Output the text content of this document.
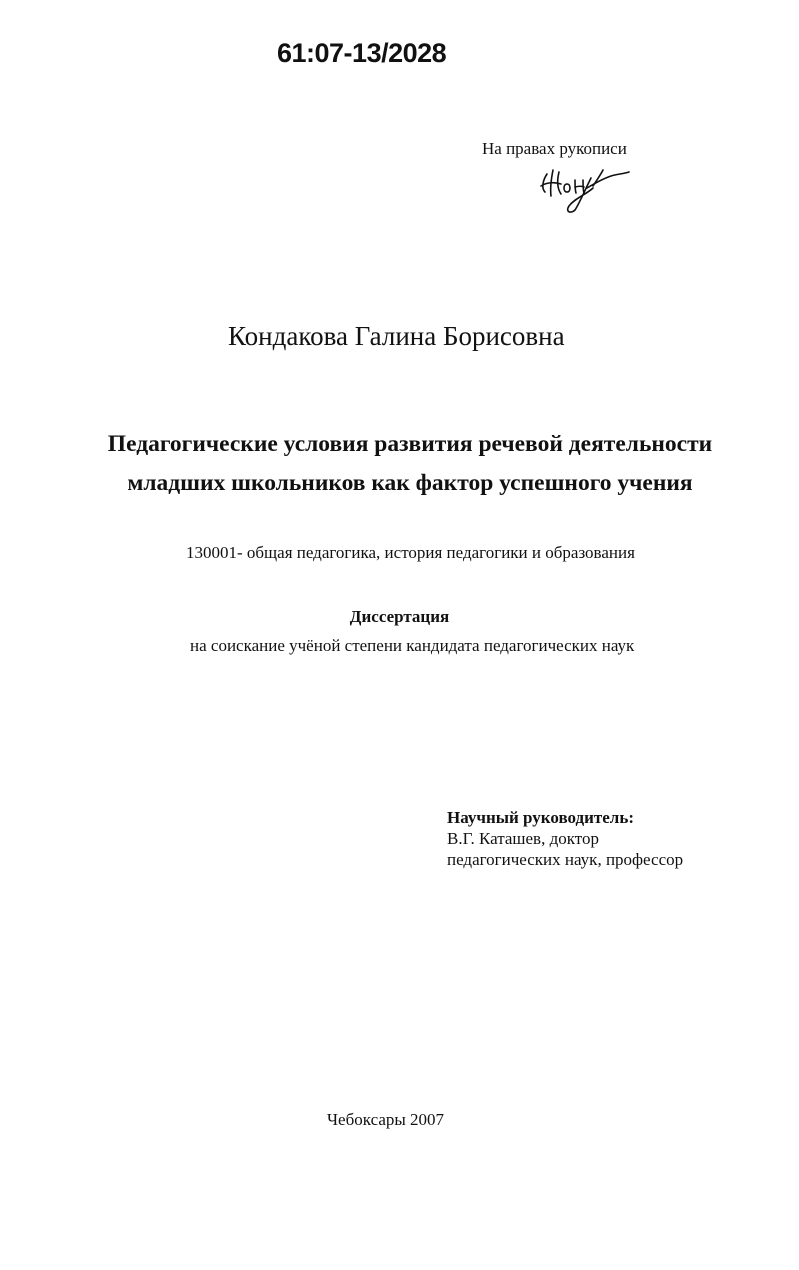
61:07-13/2028
На правах рукописи
Кондакова Галина Борисовна
Педагогические условия развития речевой деятельности
младших школьников как фактор успешного учения
130001- общая педагогика, история педагогики и образования
Диссертация
на соискание учёной степени кандидата педагогических наук
Научный руководитель:
В.Г. Каташев, доктор
педагогических наук, профессор
Чебоксары 2007
